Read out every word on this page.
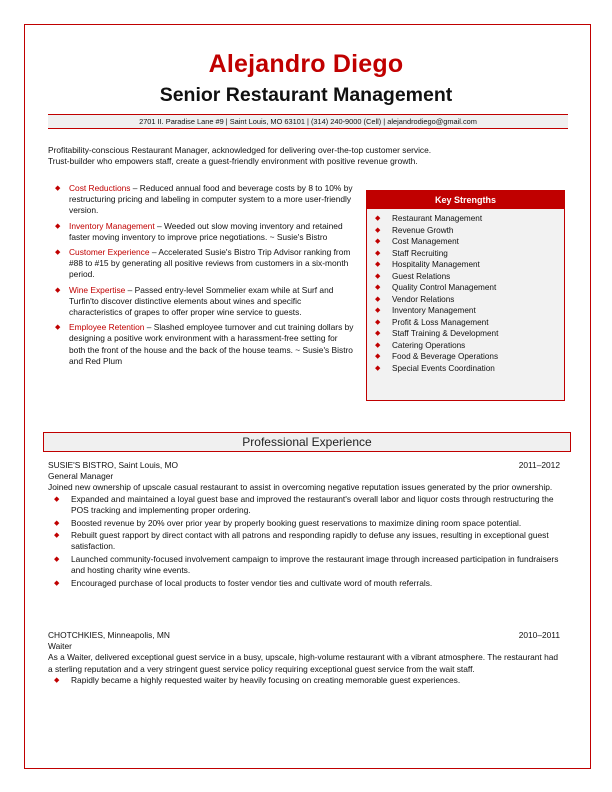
Alejandro Diego
Senior Restaurant Management
2701 II. Paradise Lane #9 | Saint Louis, MO 63101 | (314) 240-9000 (Cell) | alejandrodiego@gmail.com
Profitability-conscious Restaurant Manager, acknowledged for delivering over-the-top customer service.
Trust-builder who empowers staff, create a guest-friendly environment with positive revenue growth.
◆ Cost Reductions – Reduced annual food and beverage costs by 8 to 10% by restructuring pricing and labeling in computer system to a more user-friendly version.
◆ Inventory Management – Weeded out slow moving inventory and retained faster moving inventory to improve price negotiations. ~ Susie's Bistro
◆ Customer Experience – Accelerated Susie's Bistro Trip Advisor ranking from #88 to #15 by generating all positive reviews from customers in a six-month period.
◆ Wine Expertise – Passed entry-level Sommelier exam while at Surf and Turfin'to discover distinctive elements about wines and specific characteristics of grapes to offer proper wine service to guests.
◆ Employee Retention – Slashed employee turnover and cut training dollars by designing a positive work environment with a harassment-free setting for both the front of the house and the back of the house teams. ~ Susie's Bistro and Red Plum
Key Strengths
◆ Restaurant Management
◆ Revenue Growth
◆ Cost Management
◆ Staff Recruiting
◆ Hospitality Management
◆ Guest Relations
◆ Quality Control Management
◆ Vendor Relations
◆ Inventory Management
◆ Profit & Loss Management
◆ Staff Training & Development
◆ Catering Operations
◆ Food & Beverage Operations
◆ Special Events Coordination
Professional Experience
SUSIE'S BISTRO, Saint Louis, MO	2011–2012
General Manager
Joined new ownership of upscale casual restaurant to assist in overcoming negative reputation issues generated by the prior ownership.
◆ Expanded and maintained a loyal guest base and improved the restaurant's overall labor and liquor costs through restructuring the POS tracking and implementing proper ordering.
◆ Boosted revenue by 20% over prior year by properly booking guest reservations to maximize dining room space potential.
◆ Rebuilt guest rapport by direct contact with all patrons and responding rapidly to defuse any issues, resulting in exceptional guest satisfaction.
◆ Launched community-focused involvement campaign to improve the restaurant image through increased participation in fundraisers and hosting charity wine events.
◆ Encouraged purchase of local products to foster vendor ties and cultivate word of mouth referrals.
CHOTCHKIES, Minneapolis, MN	2010–2011
Waiter
As a Waiter, delivered exceptional guest service in a busy, upscale, high-volume restaurant with a vibrant atmosphere. The restaurant had a sterling reputation and a very stringent guest service policy requiring exceptional guest service from the wait staff.
◆ Rapidly became a highly requested waiter by heavily focusing on creating memorable guest experiences.
